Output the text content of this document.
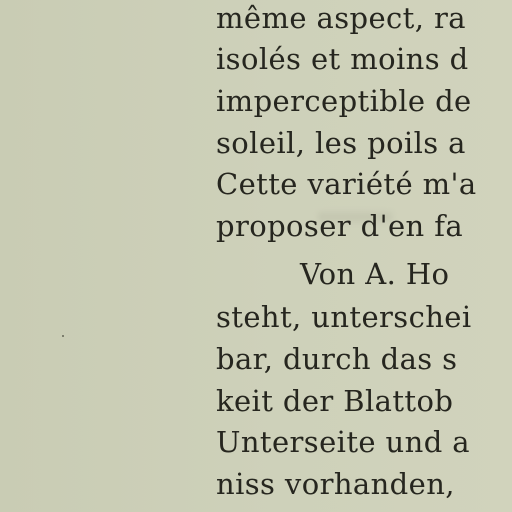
même aspect, ra
isolés et moins d
imperceptible de
soleil, les poils a
Cette variété m'a
proposer d'en fa
Von A. Ho
steht, unterschei
bar, durch das s
keit der Blattob
Unterseite und a
niss vorhanden,
